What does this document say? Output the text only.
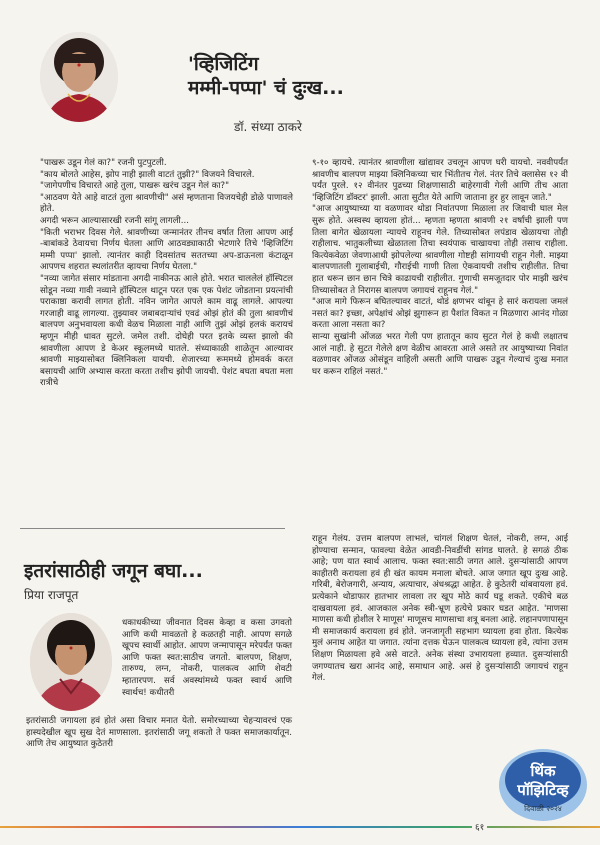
'व्हिजिटिंग
मम्मी-पप्पा' चं दुःख...
डॉ. संध्या ठाकरे

"पाखरू उडून गेलं का?" रजनी पुटपुटली.

"काय बोलते आहेस, झोप नाही झाली वाटतं तुझी?" विजयने विचारले.

"जागेपणीच विचारते आहे तुला, पाखरू खरंच उडून गेलं का?"

"आठवण येते आहे वाटतं तुला श्रावणीची" असं म्हणताना विजयचेही डोळे पाणावले होते.

अगदी भरून आल्यासारखी रजनी सांगू लागली...

"किती भराभर दिवस गेले. श्रावणीच्या जन्मानंतर तीनच वर्षात तिला आपण आई -बाबांकडे ठेवायचा निर्णय घेतला आणि आठवड्याकाठी भेटणारे तिचे 'व्हिजिटिंग मम्मी पप्पा' झालो. त्यानंतर काही दिवसांतच सततच्या अप-डाऊनला कंटाळून आपणच शहरात स्थलांतरीत व्हायचा निर्णय घेतला."

"नव्या जागेत संसार मांडताना अगदी नाकीनऊ आले होते. भरात चाललेलं हॉस्पिटल सोडून नव्या गावी नव्याने हॉस्पिटल थाटून परत एक एक पेशंट जोडताना प्रयत्नांची पराकाष्ठा करावी लागत होती. नविन जागेत आपले काम वाढू लागले. आपल्या गरजाही वाढू लागल्या. तुझ्यावर जबाबदाऱ्यांचं एवढं ओझं होतं की तुला श्रावणीचं बालपण अनुभवायला कधी वेळच मिळाला नाही आणि तुझं ओझं हलकं करायचं म्हणून मीही धावत सुटले. जमेल तशी. दोघेही परत इतके व्यस्त झालो की श्रावणीला आपण डे केअर स्कूलमध्ये घातले. संध्याकाळी शाळेतून आल्यावर श्रावणी माझ्यासोबत क्लिनिकला यायची. शेजारच्या रूममध्ये होमवर्क करत बसायची आणि अभ्यास करता करता तशीच झोपी जायची. पेशंट बघता बघता मला रात्रीचे

९-१० व्हायचे. त्यानंतर श्रावणीला खांद्यावर उचलून आपण घरी यायचो. नववीपर्यंत श्रावणीच बालपण माझ्या क्लिनिकच्या चार भिंतीतच गेलं. नंतर तिचे क्लासेस १२ वी पर्यंत पुरले. १२ वीनंतर पुढच्या शिक्षणासाठी बाहेरगावी गेली आणि तीच आता 'व्हिजिटिंग डॉक्टर' झाली. आता सुटीत येते आणि जाताना हुर हुर लावून जाते."

"आज आयुष्याच्या या वळणावर थोडा निवांतपणा मिळाला तर जिवाची घाल मेल सुरू होते. अस्वस्थ व्हायला होतं... म्हणता म्हणता श्रावणी २१ वर्षांची झाली पण तिला बागेत खेळायला न्यायचे राहूनच गेले. तिच्यासोबत लपंडाव खेळायचा तोही राहीलाच. भातुकलीच्या खेळातला तिचा स्वयंपाक चाखायचा तोही तसाच राहीला. कित्येकवेळा जेवणाआधी झोपलेल्या श्रावणीला गोष्टही सांगायची राहून गेली. माझ्या बालपणातली गुलाबाईची, गौराईची गाणी तिला ऐकवायची तशीच राहीलीत. तिचा हात धरून छान छान चित्रे काढायची राहीलीत. गुणाची समजूतदार पोर माझी खरंच तिच्यासोबत ते निरागस बालपण जगायचं राहूनच गेलं."

"आज मागे फिरून बघितल्यावर वाटतं, थोडं क्षणभर थांबून हे सारं करायला जमलं नसतं का? इच्छा, अपेक्षांचं ओझं झुगारून हा पैशांत विकत न मिळणारा आनंद गोळा करता आला नसता का?

सान्या सुखांनी ओंजळ भरत गेली पण हातातून काय सुटत गेलं हे कधी लक्षातच आलं नाही. हे सुटत गेलेले क्षण वेळीच आवरता आले असते तर आयुष्याच्या निवांत वळणावर ओंजळ ओसंडून वाहिली असती आणि पाखरू उडून गेल्याचं दुःख मनात घर करून राहिलं नसतं."

इतरांसाठीही जगून बघा...
प्रिया राजपूत
धकाधकीच्या जीवनात दिवस केव्हा व कसा उगवतो आणि कधी मावळतो हे कळतही नाही. आपण सगळे खूपच स्वार्थी आहोत. आपण जन्मापासून मरेपर्यंत फक्त आणि फक्त स्वत:साठीच जगतो. बालपण, शिक्षण, तारुण्य, लग्न, नोकरी, पालकत्व आणि शेवटी म्हातारपण. सर्व अवस्थांमध्ये फक्त स्वार्थ आणि स्वार्थच! कधीतरी
इतरांसाठी जगायला हवं होतं असा विचार मनात येतो. समोरच्याच्या चेहऱ्यावरचं एक हास्यदेखील खूप सुख देतं माणसाला. इतरांसाठी जगू शकतो ते फक्त समाजकार्यातून. आणि तेच आयुष्यात कुठेतरी
राहून गेलंय. उत्तम बालपण लाभलं, चांगलं शिक्षण घेतलं, नोकरी, लग्न, आई होण्याचा सन्मान, फावल्या वेळेत आवडी-निवडींची सांगड घालते. हे सगळं ठीक आहे; पण यात स्वार्थ आलाच. फक्त स्वत:साठी जगत आले. दुसऱ्यांसाठी आपण काहीतरी करायला हवं ही खंत कायम मनाला बोचते. आज जगात खूप दुःख आहे. गरिबी, बेरोजगारी, अन्याय, अत्याचार, अंधश्रद्धा आहेत. हे कुठेतरी थांबवायला हवं. प्रत्येकाने थोडाफार हातभार लावला तर खूप मोठे कार्य घडू शकते. एकीचे बळ दाखवायला हवं. आजकाल अनेक स्त्री-भ्रूण हत्येचे प्रकार घडत आहेत. 'माणसा माणसा कधी होशील रे माणूस' माणूसच माणसाचा शत्रू बनला आहे. लहानपणापासून मी समाजकार्य करायला हवं होते. जनजागृती सहभाग घ्यायला हवा होता. कित्येक मुलं अनाथ आहेत या जगात. त्यांना दत्तक घेऊन पालकत्व घ्यायला हवे, त्यांना उत्तम शिक्षण मिळायला हवे असे वाटते. अनेक संस्था उभारायला हव्यात. दुसऱ्यांसाठी जगण्यातच खरा आनंद आहे, समाधान आहे. असं हे दुसऱ्यांसाठी जगायचं राहून गेलं.
थिंक
पॉझिटिव्ह
दिवाळी २०२४
६१
